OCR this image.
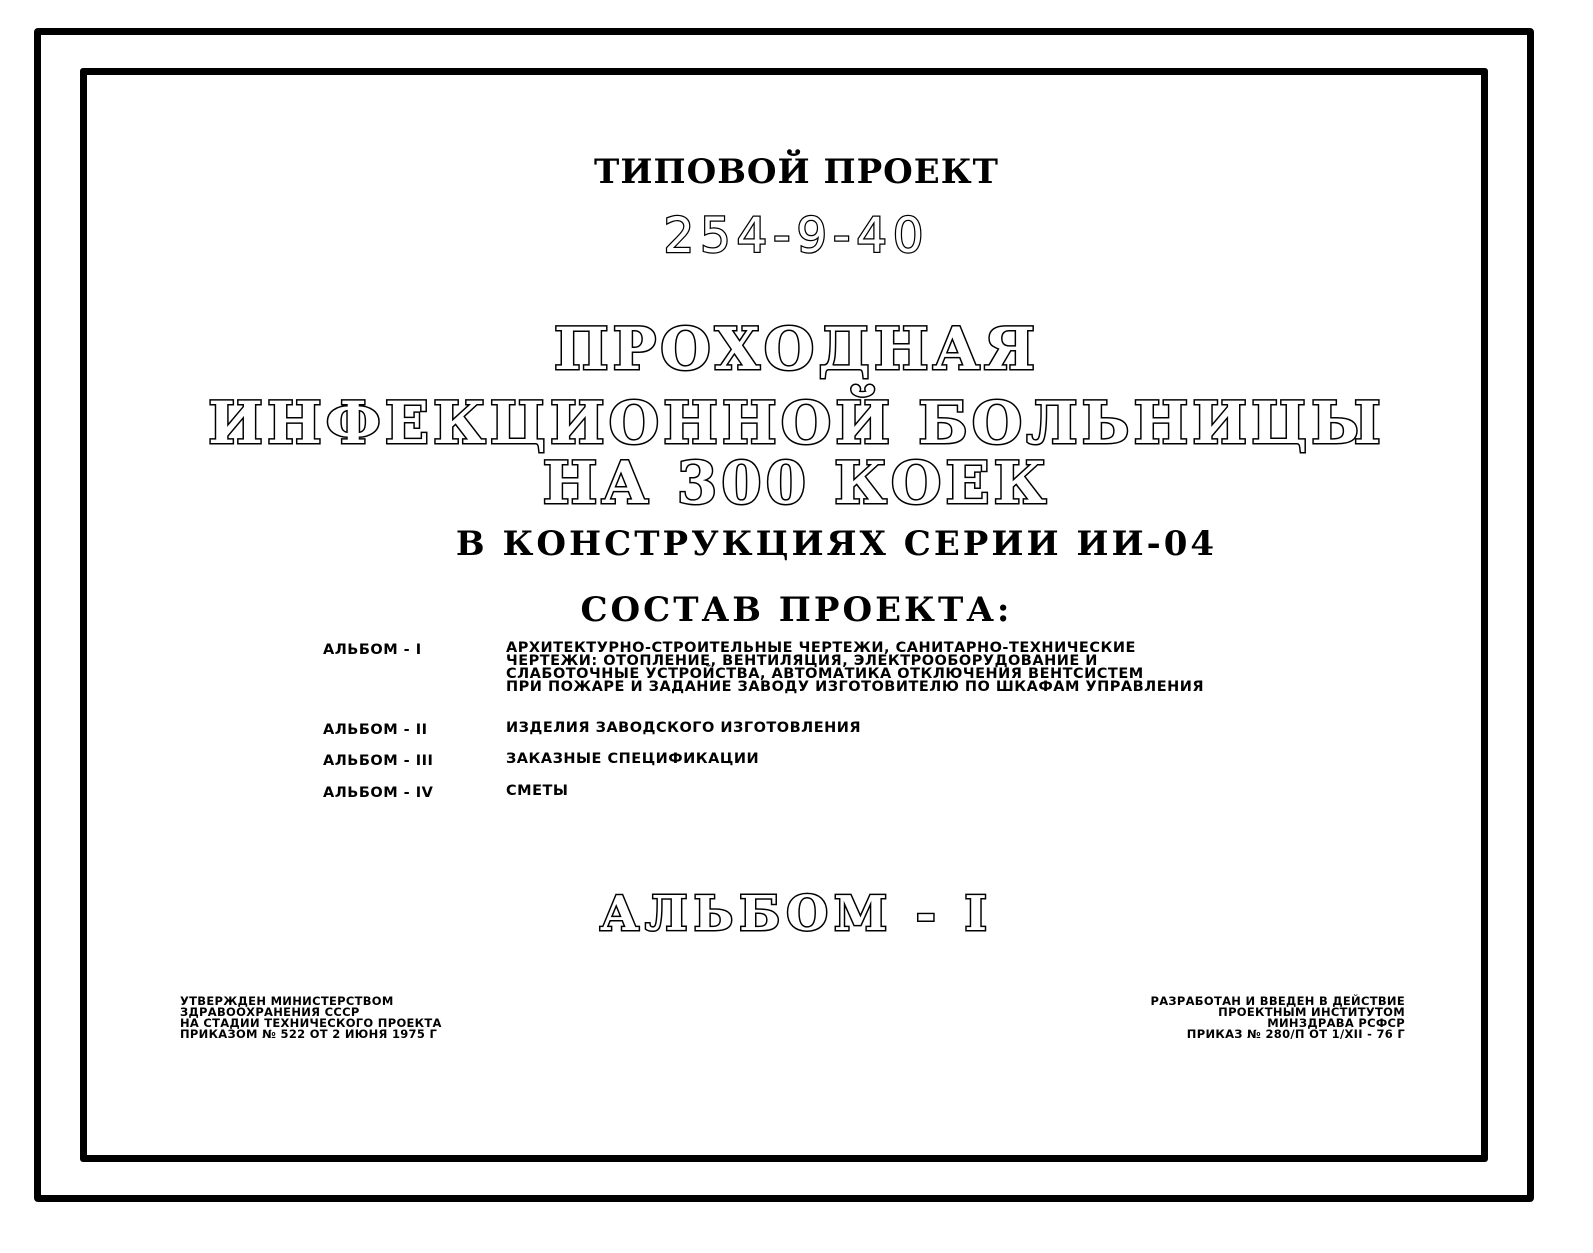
ТИПОВОЙ ПРОЕКТ
254-9-40
ПРОХОДНАЯ
ИНФЕКЦИОННОЙ БОЛЬНИЦЫ
НА 300 КОЕК
В КОНСТРУКЦИЯХ СЕРИИ ИИ-04
СОСТАВ ПРОЕКТА:
АЛЬБОМ - I	АРХИТЕКТУРНО-СТРОИТЕЛЬНЫЕ ЧЕРТЕЖИ, САНИТАРНО-ТЕХНИЧЕСКИЕ
ЧЕРТЕЖИ: ОТОПЛЕНИЕ, ВЕНТИЛЯЦИЯ, ЭЛЕКТРООБОРУДОВАНИЕ И
СЛАБОТОЧНЫЕ УСТРОЙСТВА, АВТОМАТИКА ОТКЛЮЧЕНИЯ ВЕНТСИСТЕМ
ПРИ ПОЖАРЕ И ЗАДАНИЕ ЗАВОДУ ИЗГОТОВИТЕЛЮ ПО ШКАФАМ УПРАВЛЕНИЯ
АЛЬБОМ - II	ИЗДЕЛИЯ ЗАВОДСКОГО ИЗГОТОВЛЕНИЯ
АЛЬБОМ - III	ЗАКАЗНЫЕ СПЕЦИФИКАЦИИ
АЛЬБОМ - IV	СМЕТЫ
АЛЬБОМ - I
УТВЕРЖДЕН МИНИСТЕРСТВОМ
ЗДРАВООХРАНЕНИЯ СССР
НА СТАДИИ ТЕХНИЧЕСКОГО ПРОЕКТА
ПРИКАЗОМ № 522 ОТ 2 ИЮНЯ 1975 Г
РАЗРАБОТАН И ВВЕДЕН В ДЕЙСТВИЕ
ПРОЕКТНЫМ ИНСТИТУТОМ
МИНЗДРАВА РСФСР
ПРИКАЗ № 280/П ОТ 1/XII - 76 Г
